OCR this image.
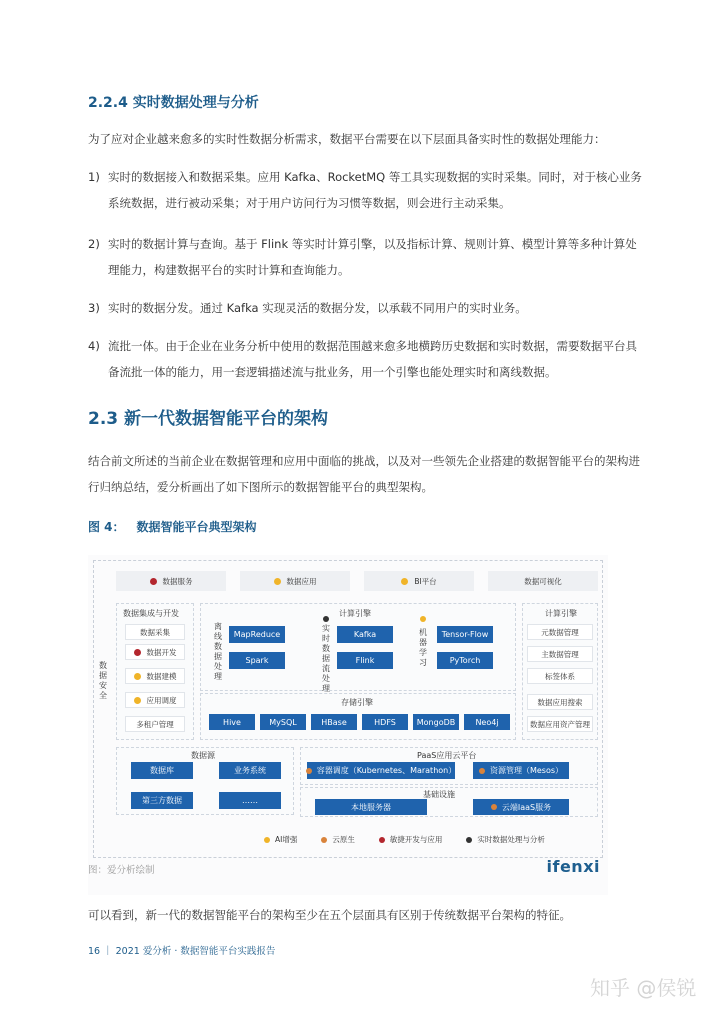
2.2.4 实时数据处理与分析
为了应对企业越来愈多的实时性数据分析需求，数据平台需要在以下层面具备实时性的数据处理能力：
1) 实时的数据接入和数据采集。应用 Kafka、RocketMQ 等工具实现数据的实时采集。同时，对于核心业务系统数据，进行被动采集；对于用户访问行为习惯等数据，则会进行主动采集。
2) 实时的数据计算与查询。基于 Flink 等实时计算引擎，以及指标计算、规则计算、模型计算等多种计算处理能力，构建数据平台的实时计算和查询能力。
3) 实时的数据分发。通过 Kafka 实现灵活的数据分发，以承载不同用户的实时业务。
4) 流批一体。由于企业在业务分析中使用的数据范围越来愈多地横跨历史数据和实时数据，需要数据平台具备流批一体的能力，用一套逻辑描述流与批业务，用一个引擎也能处理实时和离线数据。
2.3 新一代数据智能平台的架构
结合前文所述的当前企业在数据管理和应用中面临的挑战，以及对一些领先企业搭建的数据智能平台的架构进行归纳总结，爱分析画出了如下图所示的数据智能平台的典型架构。
图 4： 数据智能平台典型架构
数据服务	数据应用	BI平台	数据可视化
数据安全
数据集成与开发
数据采集
数据开发
数据建模
应用调度
多租户管理
计算引擎
离线数据处理
MapReduce
Spark
实时数据流处理
Kafka
Flink
机器学习
Tensor-Flow
PyTorch
存储引擎
Hive	MySQL	HBase	HDFS	MongoDB	Neo4j
计算引擎
元数据管理
主数据管理
标签体系
数据应用搜索
数据应用资产管理
数据源
数据库	业务系统
第三方数据	……
PaaS应用云平台
容器调度（Kubernetes、Marathon）	资源管理（Mesos）
基础设施
本地服务器	云端IaaS服务
AI增强	云原生	敏捷开发与应用	实时数据处理与分析
图：爱分析绘制	ifenxi
可以看到，新一代的数据智能平台的架构至少在五个层面具有区别于传统数据平台架构的特征。
16 ｜ 2021 爱分析 · 数据智能平台实践报告
知乎 @侯锐
